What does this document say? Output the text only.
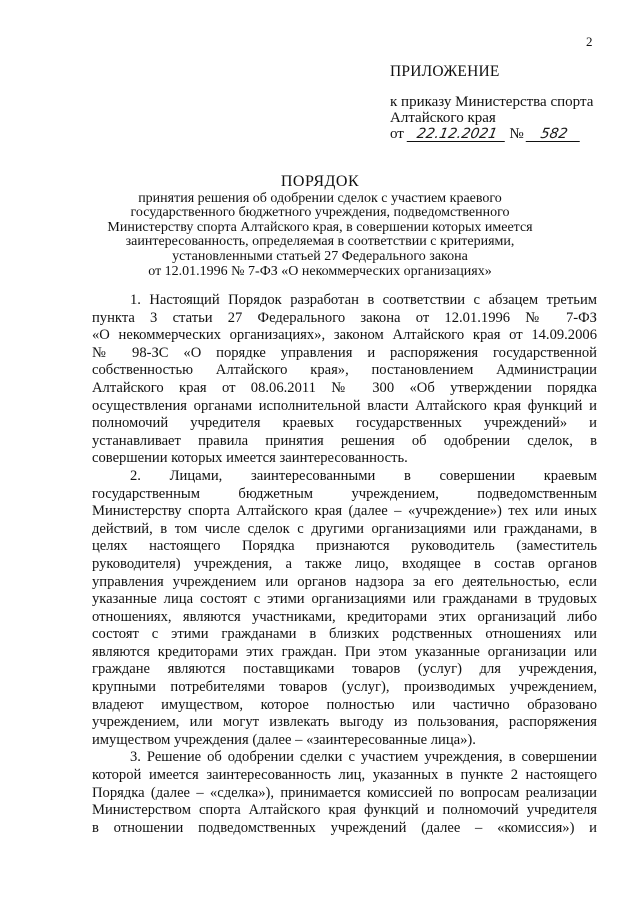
2
ПРИЛОЖЕНИЕ
к приказу Министерства спорта
Алтайского края
от 22.12.2021 № 582
ПОРЯДОК
принятия решения об одобрении сделок с участием краевого
государственного бюджетного учреждения, подведомственного
Министерству спорта Алтайского края, в совершении которых имеется
заинтересованность, определяемая в соответствии с критериями,
установленными статьей 27 Федерального закона
от 12.01.1996 № 7-ФЗ «О некоммерческих организациях»
1. Настоящий Порядок разработан в соответствии с абзацем третьим
пункта 3 статьи 27 Федерального закона от 12.01.1996 № 7-ФЗ
«О некоммерческих организациях», законом Алтайского края от 14.09.2006
№ 98-ЗС «О порядке управления и распоряжения государственной
собственностью Алтайского края», постановлением Администрации
Алтайского края от 08.06.2011 № 300 «Об утверждении порядка
осуществления органами исполнительной власти Алтайского края функций и
полномочий учредителя краевых государственных учреждений» и
устанавливает правила принятия решения об одобрении сделок, в
совершении которых имеется заинтересованность.
2. Лицами, заинтересованными в совершении краевым
государственным бюджетным учреждением, подведомственным
Министерству спорта Алтайского края (далее – «учреждение») тех или иных
действий, в том числе сделок с другими организациями или гражданами, в
целях настоящего Порядка признаются руководитель (заместитель
руководителя) учреждения, а также лицо, входящее в состав органов
управления учреждением или органов надзора за его деятельностью, если
указанные лица состоят с этими организациями или гражданами в трудовых
отношениях, являются участниками, кредиторами этих организаций либо
состоят с этими гражданами в близких родственных отношениях или
являются кредиторами этих граждан. При этом указанные организации или
граждане являются поставщиками товаров (услуг) для учреждения,
крупными потребителями товаров (услуг), производимых учреждением,
владеют имуществом, которое полностью или частично образовано
учреждением, или могут извлекать выгоду из пользования, распоряжения
имуществом учреждения (далее – «заинтересованные лица»).
3. Решение об одобрении сделки с участием учреждения, в совершении
которой имеется заинтересованность лиц, указанных в пункте 2 настоящего
Порядка (далее – «сделка»), принимается комиссией по вопросам реализации
Министерством спорта Алтайского края функций и полномочий учредителя
в отношении подведомственных учреждений (далее – «комиссия») и
